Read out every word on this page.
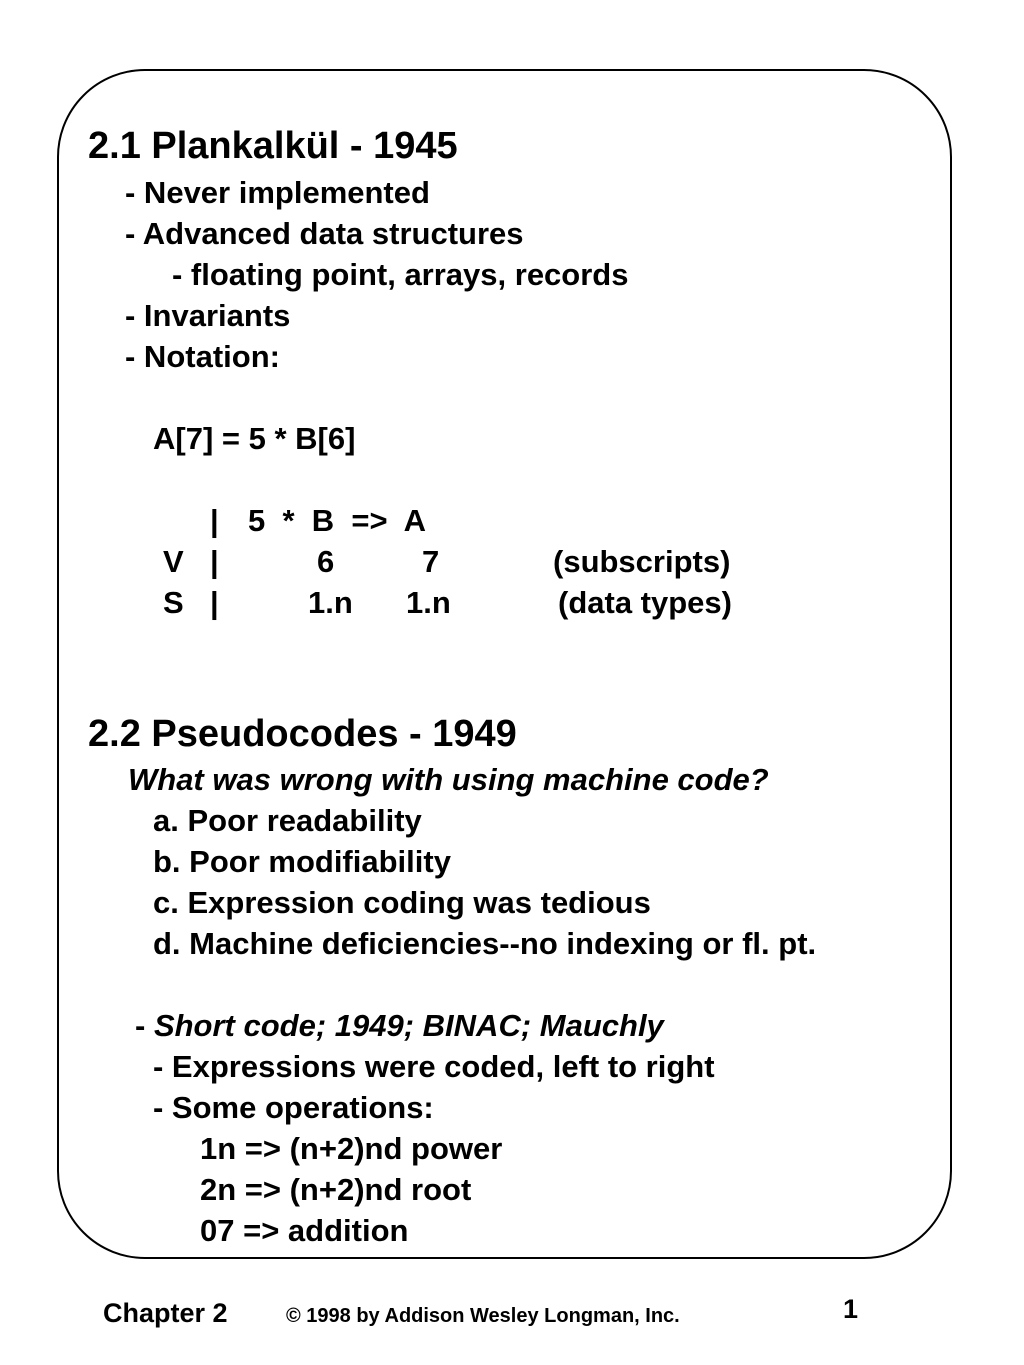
2.1 Plankalkül - 1945
- Never implemented
- Advanced data structures
- floating point, arrays, records
- Invariants
- Notation:
A[7] = 5 * B[6]
| 5  *  B  =>  A
V |	6	7	(subscripts)
S |	1.n 1.n	(data types)
2.2 Pseudocodes - 1949
What was wrong with using machine code?
a. Poor readability
b. Poor modifiability
c. Expression coding was tedious
d. Machine deficiencies--no indexing or fl. pt.
- Short code; 1949; BINAC; Mauchly
- Expressions were coded, left to right
- Some operations:
1n => (n+2)nd power
2n => (n+2)nd root
07 => addition
Chapter 2	© 1998 by Addison Wesley Longman, Inc.	1
